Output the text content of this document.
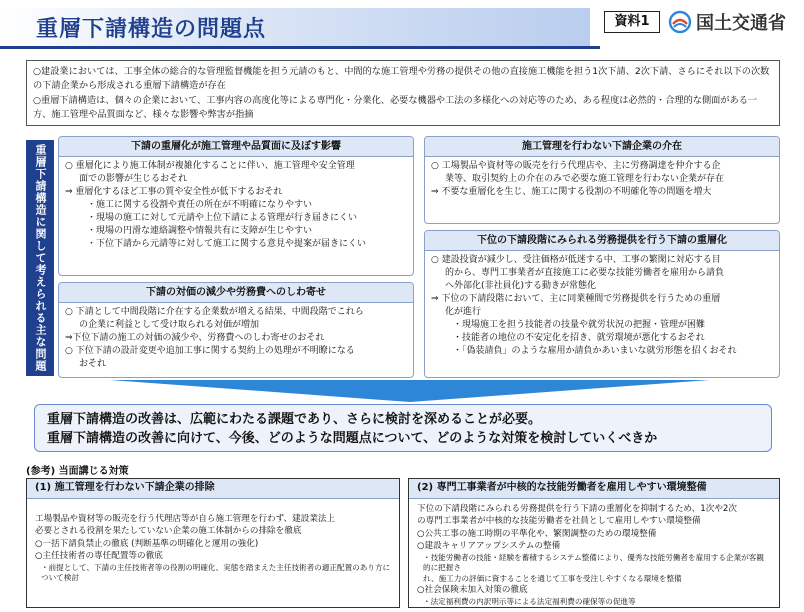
重層下請構造の問題点	資料1	国土交通省

○建設業においては、工事全体の総合的な管理監督機能を担う元請のもと、中間的な施工管理や労務の提供その他の直接施工機能を担う1次下請、2次下請、さらにそれ以下の次数の下請企業から形成される重層下請構造が存在

○重層下請構造は、個々の企業において、工事内容の高度化等による専門化・分業化、必要な機器や工法の多様化への対応等のため、ある程度は必然的・合理的な側面がある一方、施工管理や品質面など、様々な影響や弊害が指摘

重層下請構造に関して考えられる主な問題	下請の重層化が施工管理や品質面に及ぼす影響
○ 重層化により施工体制が複雑化することに伴い、施工管理や安全管理
面での影響が生じるおそれ
⇒ 重層化するほど工事の質や安全性が低下するおそれ
・施工に関する役割や責任の所在が不明確になりやすい
・現場の施工に対して元請や上位下請による管理が行き届きにくい
・現場の円滑な連絡調整や情報共有に支障が生じやすい
・下位下請から元請等に対して施工に関する意見や提案が届きにくい
下請の対価の減少や労務費へのしわ寄せ
○ 下請として中間段階に介在する企業数が増える結果、中間段階でこれら
の企業に利益として受け取られる対価が増加
⇒下位下請の施工の対価の減少や、労務費へのしわ寄せのおそれ
○ 下位下請の設計変更や追加工事に関する契約上の処理が不明瞭になる
おそれ
施工管理を行わない下請企業の介在
○ 工場製品や資材等の販売を行う代理店や、主に労務調達を仲介する企
業等、取引契約上の介在のみで必要な施工管理を行わない企業が存在
⇒ 不要な重層化を生じ、施工に関する役割の不明確化等の問題を増大
下位の下請段階にみられる労務提供を行う下請の重層化
○ 建設投資が減少し、受注価格が低迷する中、工事の繁閑に対応する目
的から、専門工事業者が直接施工に必要な技能労働者を雇用から請負
へ外部化(非社員化)する動きが常態化
⇒ 下位の下請段階において、主に同業種間で労務提供を行うための重層
化が進行
・現場施工を担う技能者の技量や就労状況の把握・管理が困難
・技能者の地位の不安定化を招き、就労環境が悪化するおそれ
・「偽装請負」のような雇用か請負かあいまいな就労形態を招くおそれ
重層下請構造の改善は、広範にわたる課題であり、さらに検討を深めることが必要。
重層下請構造の改善に向けて、今後、どのような問題点について、どのような対策を検討していくべきか
(参考) 当面講じる対策
(1) 施工管理を行わない下請企業の排除
工場製品や資材等の販売を行う代理店等が自ら施工管理を行わず、建設業法上
必要とされる役割を果たしていない企業の施工体制からの排除を徹底
○一括下請負禁止の徹底 (判断基準の明確化と運用の強化)
○主任技術者の専任配置等の徹底
・前提として、下請の主任技術者等の役割の明確化、実態を踏まえた主任技術者の適正配置のあり方に
ついて検討
(2) 専門工事業者が中核的な技能労働者を雇用しやすい環境整備
下位の下請段階にみられる労務提供を行う下請の重層化を抑制するため、1次や2次
の専門工事業者が中核的な技能労働者を社員として雇用しやすい環境整備
○公共工事の施工時期の平準化や、繁閑調整のための環境整備
○建設キャリアアップシステムの整備
・技能労働者の技能・経験を蓄積するシステム整備により、優秀な技能労働者を雇用する企業が客観的に把握さ
れ、施工力の評価に資することを通じて工事を受注しやすくなる環境を整備
○社会保険未加入対策の徹底
・法定福利費の内訳明示等による法定福利費の確保等の促進等
